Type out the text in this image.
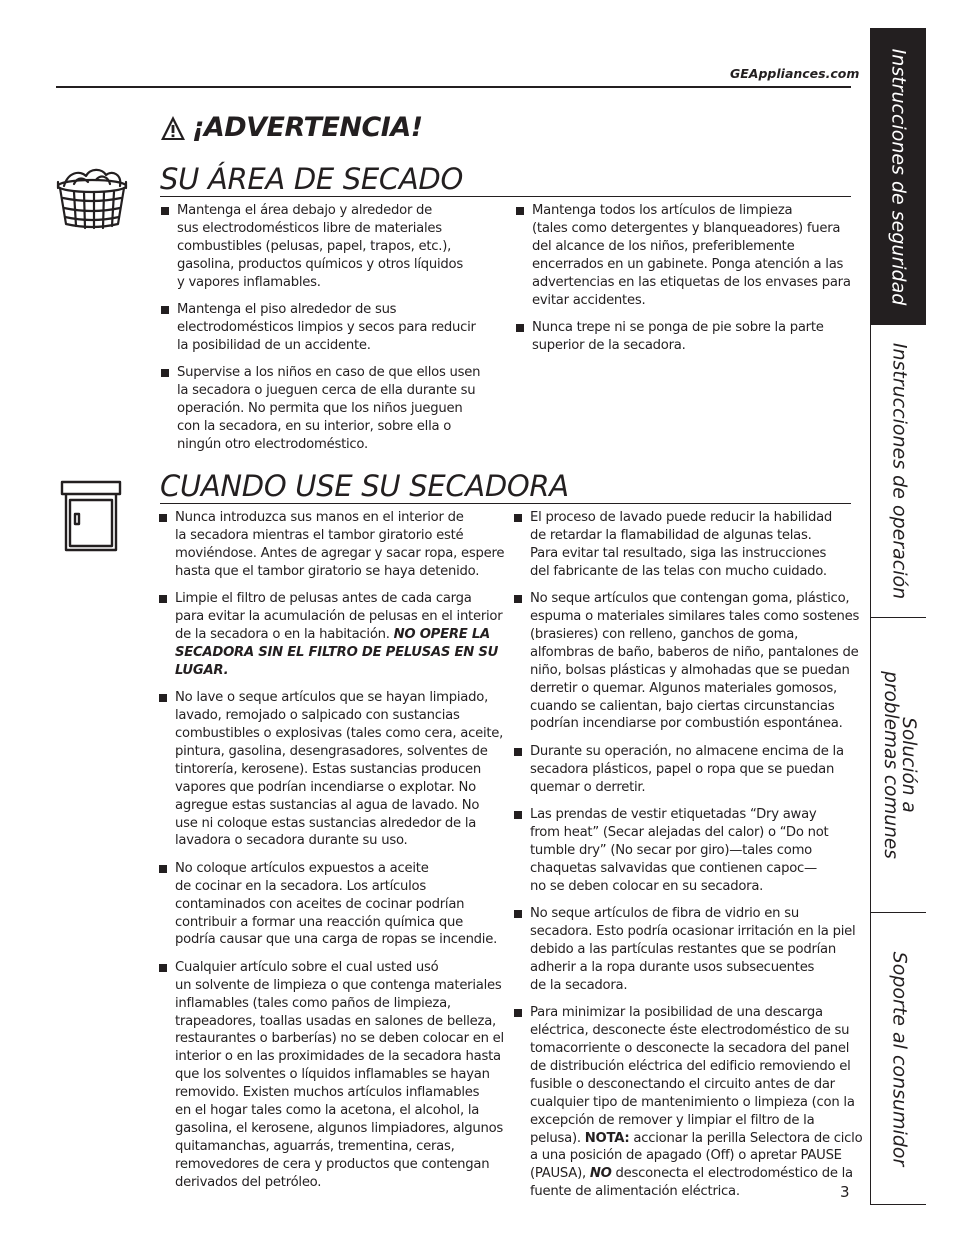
GEAppliances.com
¡ADVERTENCIA!
SU ÁREA DE SECADO
Mantenga el área debajo y alrededor de
sus electrodomésticos libre de materiales
combustibles (pelusas, papel, trapos, etc.),
gasolina, productos químicos y otros líquidos
y vapores inflamables.
Mantenga el piso alrededor de sus
electrodomésticos limpios y secos para reducir
la posibilidad de un accidente.
Supervise a los niños en caso de que ellos usen
la secadora o jueguen cerca de ella durante su
operación. No permita que los niños jueguen
con la secadora, en su interior, sobre ella o
ningún otro electrodoméstico.
Mantenga todos los artículos de limpieza
(tales como detergentes y blanqueadores) fuera
del alcance de los niños, preferiblemente
encerrados en un gabinete. Ponga atención a las
advertencias en las etiquetas de los envases para
evitar accidentes.
Nunca trepe ni se ponga de pie sobre la parte
superior de la secadora.
CUANDO USE SU SECADORA
Nunca introduzca sus manos en el interior de
la secadora mientras el tambor giratorio esté
moviéndose. Antes de agregar y sacar ropa, espere
hasta que el tambor giratorio se haya detenido.
Limpie el filtro de pelusas antes de cada carga
para evitar la acumulación de pelusas en el interior
de la secadora o en la habitación. NO OPERE LA
SECADORA SIN EL FILTRO DE PELUSAS EN SU
LUGAR.
No lave o seque artículos que se hayan limpiado,
lavado, remojado o salpicado con sustancias
combustibles o explosivas (tales como cera, aceite,
pintura, gasolina, desengrasadores, solventes de
tintorería, kerosene). Estas sustancias producen
vapores que podrían incendiarse o explotar. No
agregue estas sustancias al agua de lavado. No
use ni coloque estas sustancias alrededor de la
lavadora o secadora durante su uso.
No coloque artículos expuestos a aceite
de cocinar en la secadora. Los artículos
contaminados con aceites de cocinar podrían
contribuir a formar una reacción química que
podría causar que una carga de ropas se incendie.
Cualquier artículo sobre el cual usted usó
un solvente de limpieza o que contenga materiales
inflamables (tales como paños de limpieza,
trapeadores, toallas usadas en salones de belleza,
restaurantes o barberías) no se deben colocar en el
interior o en las proximidades de la secadora hasta
que los solventes o líquidos inflamables se hayan
removido. Existen muchos artículos inflamables
en el hogar tales como la acetona, el alcohol, la
gasolina, el kerosene, algunos limpiadores, algunos
quitamanchas, aguarrás, trementina, ceras,
removedores de cera y productos que contengan
derivados del petróleo.
El proceso de lavado puede reducir la habilidad
de retardar la flamabilidad de algunas telas.
Para evitar tal resultado, siga las instrucciones
del fabricante de las telas con mucho cuidado.
No seque artículos que contengan goma, plástico,
espuma o materiales similares tales como sostenes
(brasieres) con relleno, ganchos de goma,
alfombras de baño, baberos de niño, pantalones de
niño, bolsas plásticas y almohadas que se puedan
derretir o quemar. Algunos materiales gomosos,
cuando se calientan, bajo ciertas circunstancias
podrían incendiarse por combustión espontánea.
Durante su operación, no almacene encima de la
secadora plásticos, papel o ropa que se puedan
quemar o derretir.
Las prendas de vestir etiquetadas “Dry away
from heat” (Secar alejadas del calor) o “Do not
tumble dry” (No secar por giro)—tales como
chaquetas salvavidas que contienen capoc—
no se deben colocar en su secadora.
No seque artículos de fibra de vidrio en su
secadora. Esto podría ocasionar irritación en la piel
debido a las partículas restantes que se podrían
adherir a la ropa durante usos subsecuentes
de la secadora.
Para minimizar la posibilidad de una descarga
eléctrica, desconecte éste electrodoméstico de su
tomacorriente o desconecte la secadora del panel
de distribución eléctrica del edificio removiendo el
fusible o desconectando el circuito antes de dar
cualquier tipo de mantenimiento o limpieza (con la
excepción de remover y limpiar el filtro de la
pelusa). NOTA: accionar la perilla Selectora de ciclo
a una posición de apagado (Off) o apretar PAUSE
(PAUSA), NO desconecta el electrodoméstico de la
fuente de alimentación eléctrica.	3
Instrucciones de seguridad
Instrucciones de operación
Solución a
problemas comunes
Soporte al consumidor
